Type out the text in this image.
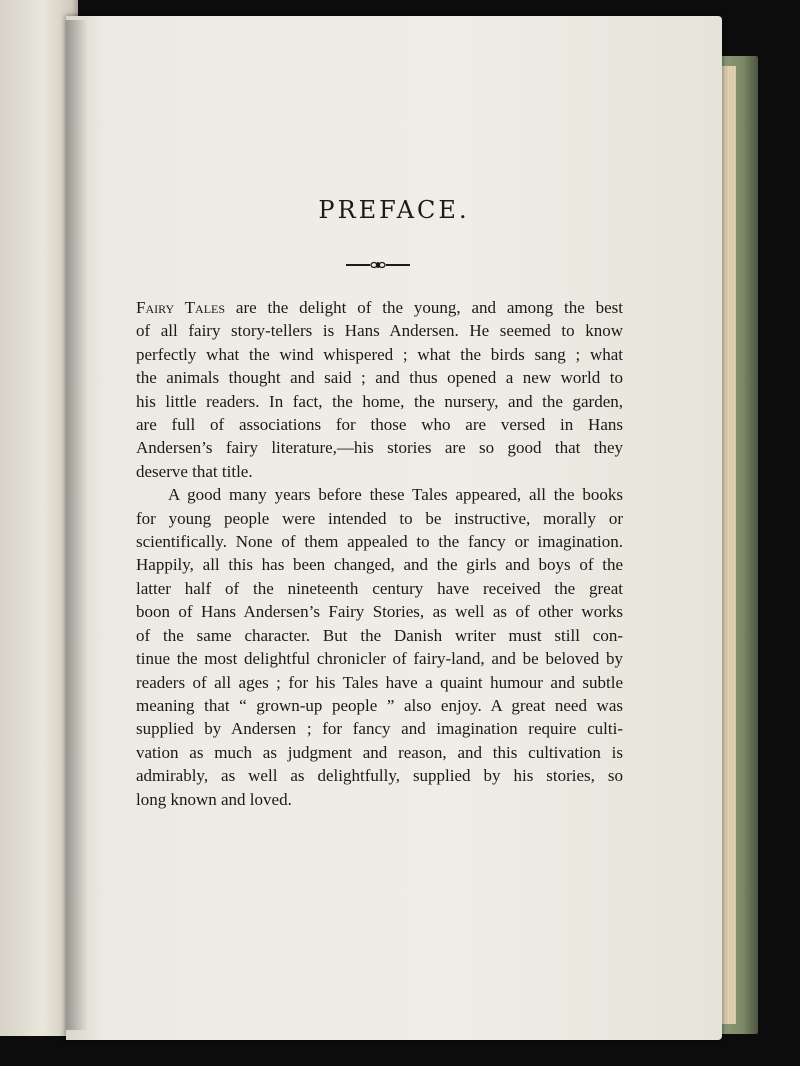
PREFACE.
Fairy Tales are the delight of the young, and among the best
of all fairy story-tellers is Hans Andersen. He seemed to know
perfectly what the wind whispered ; what the birds sang ; what
the animals thought and said ; and thus opened a new world to
his little readers. In fact, the home, the nursery, and the garden,
are full of associations for those who are versed in Hans
Andersen’s fairy literature,—his stories are so good that they
deserve that title.
A good many years before these Tales appeared, all the books
for young people were intended to be instructive, morally or
scientifically. None of them appealed to the fancy or imagination.
Happily, all this has been changed, and the girls and boys of the
latter half of the nineteenth century have received the great
boon of Hans Andersen’s Fairy Stories, as well as of other works
of the same character. But the Danish writer must still con-
tinue the most delightful chronicler of fairy-land, and be beloved by
readers of all ages ; for his Tales have a quaint humour and subtle
meaning that “ grown-up people ” also enjoy. A great need was
supplied by Andersen ; for fancy and imagination require culti-
vation as much as judgment and reason, and this cultivation is
admirably, as well as delightfully, supplied by his stories, so
long known and loved.
